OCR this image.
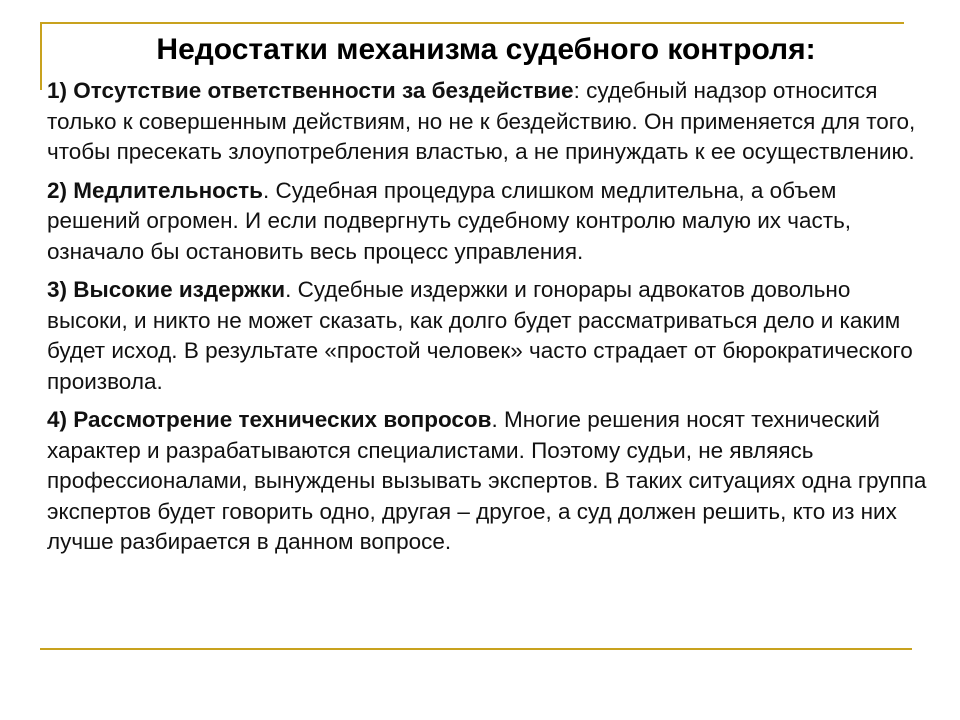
Недостатки механизма судебного контроля:

1) Отсутствие ответственности за бездействие: судебный надзор относится только к совершенным действиям, но не к бездействию. Он применяется для того, чтобы пресекать злоупотребления властью, а не принуждать к ее осуществлению.

2) Медлительность. Судебная процедура слишком медлительна, а объем решений огромен. И если подвергнуть судебному контролю малую их часть, означало бы остановить весь процесс управления.

3) Высокие издержки. Судебные издержки и гонорары адвокатов довольно высоки, и никто не может сказать, как долго будет рассматриваться дело и каким будет исход. В результате «простой человек» часто страдает от бюрократического произвола.

4) Рассмотрение технических вопросов. Многие решения носят технический характер и разрабатываются специалистами. Поэтому судьи, не являясь профессионалами, вынуждены вызывать экспертов. В таких ситуациях одна группа экспертов будет говорить одно, другая – другое, а суд должен решить, кто из них лучше разбирается в данном вопросе.
